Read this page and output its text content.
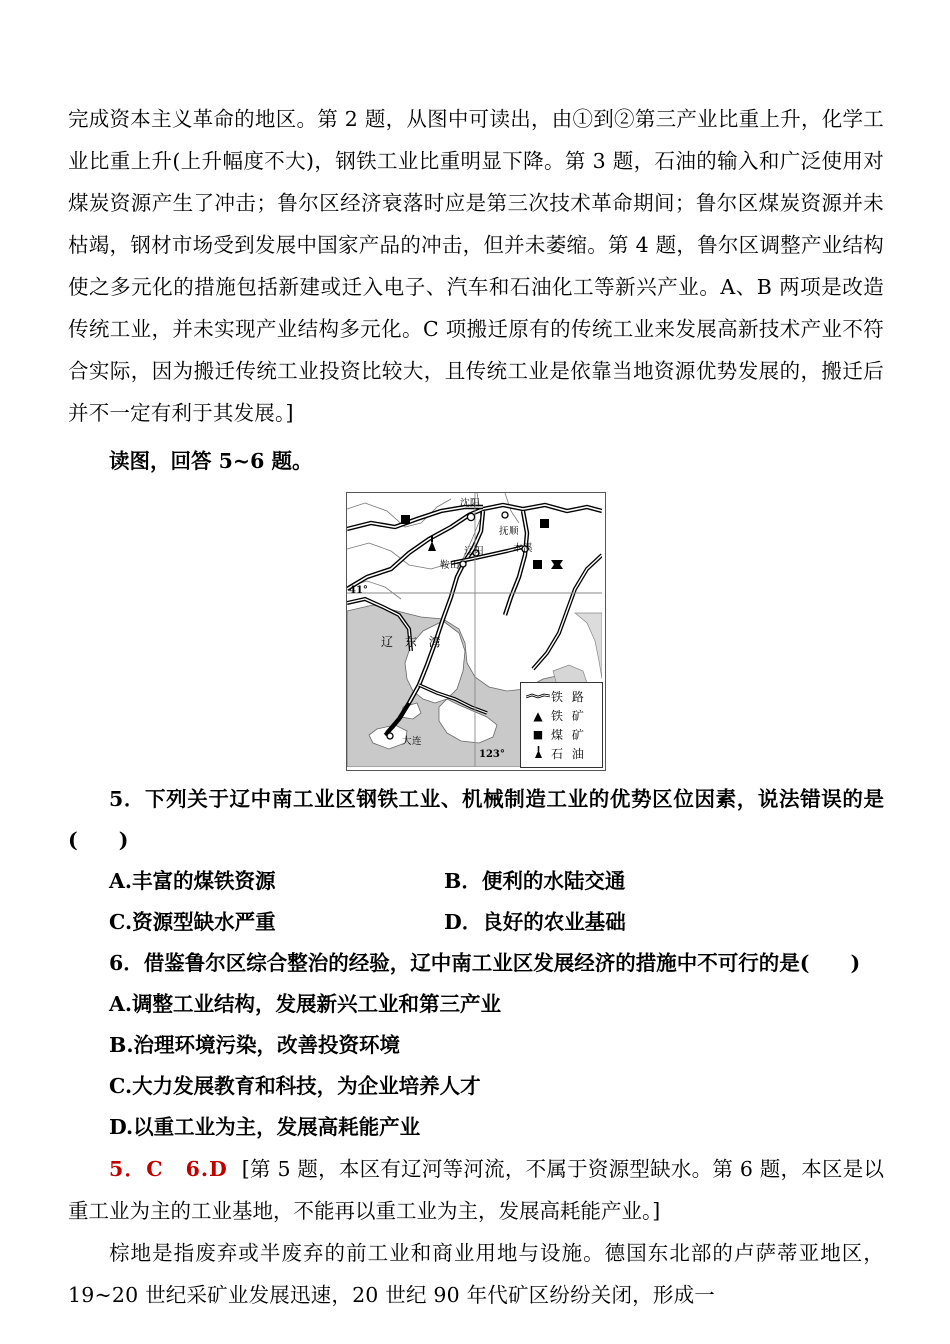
完成资本主义革命的地区。第 2 题，从图中可读出，由①到②第三产业比重上升，化学工业比重上升(上升幅度不大)，钢铁工业比重明显下降。第 3 题，石油的输入和广泛使用对煤炭资源产生了冲击；鲁尔区经济衰落时应是第三次技术革命期间；鲁尔区煤炭资源并未枯竭，钢材市场受到发展中国家产品的冲击，但并未萎缩。第 4 题，鲁尔区调整产业结构使之多元化的措施包括新建或迁入电子、汽车和石油化工等新兴产业。A、B 两项是改造传统工业，并未实现产业结构多元化。C 项搬迁原有的传统工业来发展高新技术产业不符合实际，因为搬迁传统工业投资比较大，且传统工业是依靠当地资源优势发展的，搬迁后并不一定有利于其发展。]

读图，回答 5~6 题。

沈阳
抚顺
辽阳	本溪
鞍山
辽 东 湾
大连
41°
123°
铁 路
▲ 铁 矿
■ 煤 矿
石 油

5．下列关于辽中南工业区钢铁工业、机械制造工业的优势区位因素，说法错误的是(　　)

A.丰富的煤铁资源	B．便利的水陆交通
C.资源型缺水严重	D．良好的农业基础

6．借鉴鲁尔区综合整治的经验，辽中南工业区发展经济的措施中不可行的是(　　)

A.调整工业结构，发展新兴工业和第三产业
B.治理环境污染，改善投资环境
C.大力发展教育和科技，为企业培养人才
D.以重工业为主，发展高耗能产业

5．C　6.D [第 5 题，本区有辽河等河流，不属于资源型缺水。第 6 题，本区是以重工业为主的工业基地，不能再以重工业为主，发展高耗能产业。]

棕地是指废弃或半废弃的前工业和商业用地与设施。德国东北部的卢萨蒂亚地区，19~20 世纪采矿业发展迅速，20 世纪 90 年代矿区纷纷关闭，形成一
